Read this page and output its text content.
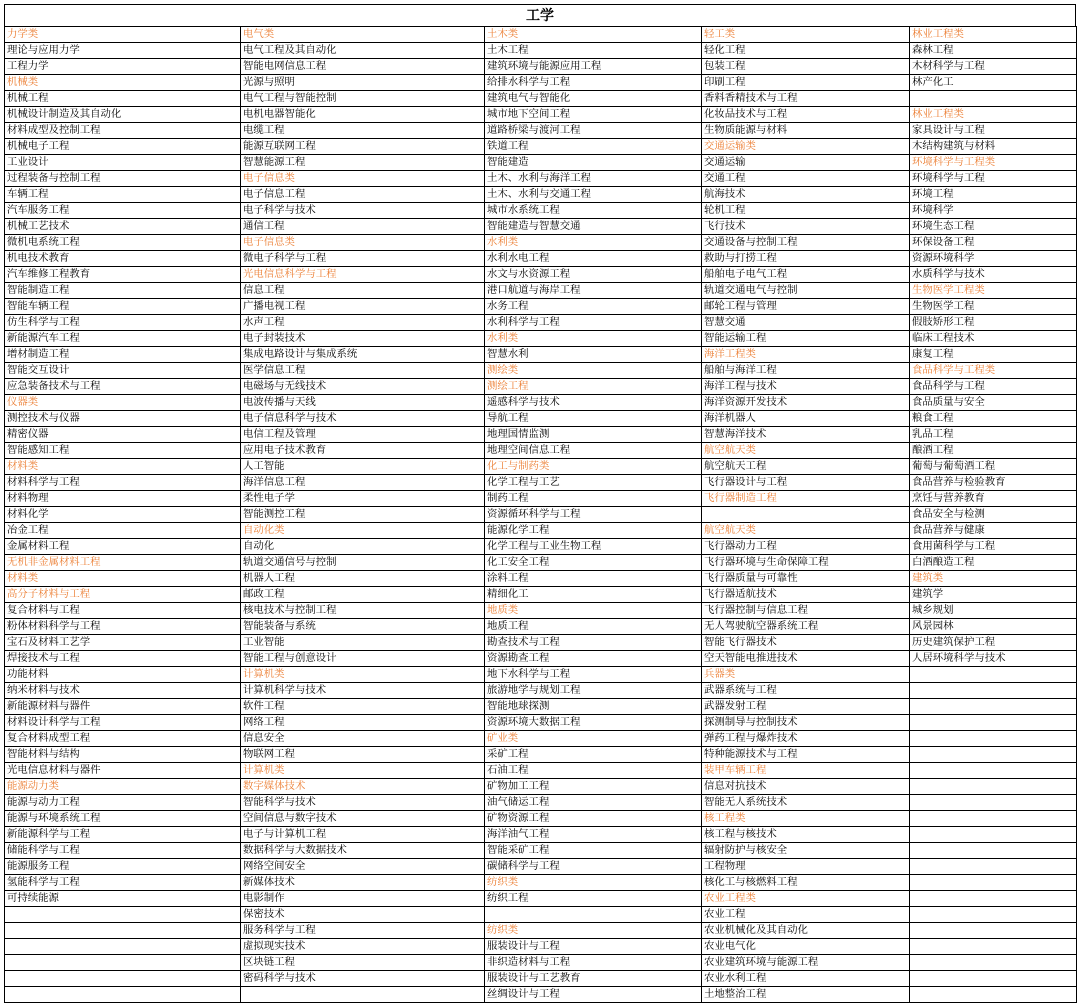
工学
力学类	电气类	土木类	轻工类	林业工程类
理论与应用力学	电气工程及其自动化	土木工程	轻化工程	森林工程
工程力学	智能电网信息工程	建筑环境与能源应用工程	包装工程	木材科学与工程
机械类	光源与照明	给排水科学与工程	印刷工程	林产化工
机械工程	电气工程与智能控制	建筑电气与智能化	香料香精技术与工程	
机械设计制造及其自动化	电机电器智能化	城市地下空间工程	化妆品技术与工程	林业工程类
材料成型及控制工程	电缆工程	道路桥梁与渡河工程	生物质能源与材料	家具设计与工程
机械电子工程	能源互联网工程	铁道工程	交通运输类	木结构建筑与材料
工业设计	智慧能源工程	智能建造	交通运输	环境科学与工程类
过程装备与控制工程	电子信息类	土木、水利与海洋工程	交通工程	环境科学与工程
车辆工程	电子信息工程	土木、水利与交通工程	航海技术	环境工程
汽车服务工程	电子科学与技术	城市水系统工程	轮机工程	环境科学
机械工艺技术	通信工程	智能建造与智慧交通	飞行技术	环境生态工程
微机电系统工程	电子信息类	水利类	交通设备与控制工程	环保设备工程
机电技术教育	微电子科学与工程	水利水电工程	救助与打捞工程	资源环境科学
汽车维修工程教育	光电信息科学与工程	水文与水资源工程	船舶电子电气工程	水质科学与技术
智能制造工程	信息工程	港口航道与海岸工程	轨道交通电气与控制	生物医学工程类
智能车辆工程	广播电视工程	水务工程	邮轮工程与管理	生物医学工程
仿生科学与工程	水声工程	水利科学与工程	智慧交通	假肢矫形工程
新能源汽车工程	电子封装技术	水利类	智能运输工程	临床工程技术
增材制造工程	集成电路设计与集成系统	智慧水利	海洋工程类	康复工程
智能交互设计	医学信息工程	测绘类	船舶与海洋工程	食品科学与工程类
应急装备技术与工程	电磁场与无线技术	测绘工程	海洋工程与技术	食品科学与工程
仪器类	电波传播与天线	遥感科学与技术	海洋资源开发技术	食品质量与安全
测控技术与仪器	电子信息科学与技术	导航工程	海洋机器人	粮食工程
精密仪器	电信工程及管理	地理国情监测	智慧海洋技术	乳品工程
智能感知工程	应用电子技术教育	地理空间信息工程	航空航天类	酿酒工程
材料类	人工智能	化工与制药类	航空航天工程	葡萄与葡萄酒工程
材料科学与工程	海洋信息工程	化学工程与工艺	飞行器设计与工程	食品营养与检验教育
材料物理	柔性电子学	制药工程	飞行器制造工程	烹饪与营养教育
材料化学	智能测控工程	资源循环科学与工程		食品安全与检测
冶金工程	自动化类	能源化学工程	航空航天类	食品营养与健康
金属材料工程	自动化	化学工程与工业生物工程	飞行器动力工程	食用菌科学与工程
无机非金属材料工程	轨道交通信号与控制	化工安全工程	飞行器环境与生命保障工程	白酒酿造工程
材料类	机器人工程	涂料工程	飞行器质量与可靠性	建筑类
高分子材料与工程	邮政工程	精细化工	飞行器适航技术	建筑学
复合材料与工程	核电技术与控制工程	地质类	飞行器控制与信息工程	城乡规划
粉体材料科学与工程	智能装备与系统	地质工程	无人驾驶航空器系统工程	风景园林
宝石及材料工艺学	工业智能	勘查技术与工程	智能飞行器技术	历史建筑保护工程
焊接技术与工程	智能工程与创意设计	资源勘查工程	空天智能电推进技术	人居环境科学与技术
功能材料	计算机类	地下水科学与工程	兵器类	
纳米材料与技术	计算机科学与技术	旅游地学与规划工程	武器系统与工程	
新能源材料与器件	软件工程	智能地球探测	武器发射工程	
材料设计科学与工程	网络工程	资源环境大数据工程	探测制导与控制技术	
复合材料成型工程	信息安全	矿业类	弹药工程与爆炸技术	
智能材料与结构	物联网工程	采矿工程	特种能源技术与工程	
光电信息材料与器件	计算机类	石油工程	装甲车辆工程	
能源动力类	数字媒体技术	矿物加工工程	信息对抗技术	
能源与动力工程	智能科学与技术	油气储运工程	智能无人系统技术	
能源与环境系统工程	空间信息与数字技术	矿物资源工程	核工程类	
新能源科学与工程	电子与计算机工程	海洋油气工程	核工程与核技术	
储能科学与工程	数据科学与大数据技术	智能采矿工程	辐射防护与核安全	
能源服务工程	网络空间安全	碳储科学与工程	工程物理	
氢能科学与工程	新媒体技术	纺织类	核化工与核燃料工程	
可持续能源	电影制作	纺织工程	农业工程类	
	保密技术		农业工程	
	服务科学与工程	纺织类	农业机械化及其自动化	
	虚拟现实技术	服装设计与工程	农业电气化	
	区块链工程	非织造材料与工程	农业建筑环境与能源工程	
	密码科学与技术	服装设计与工艺教育	农业水利工程	
		丝绸设计与工程	土地整治工程	
